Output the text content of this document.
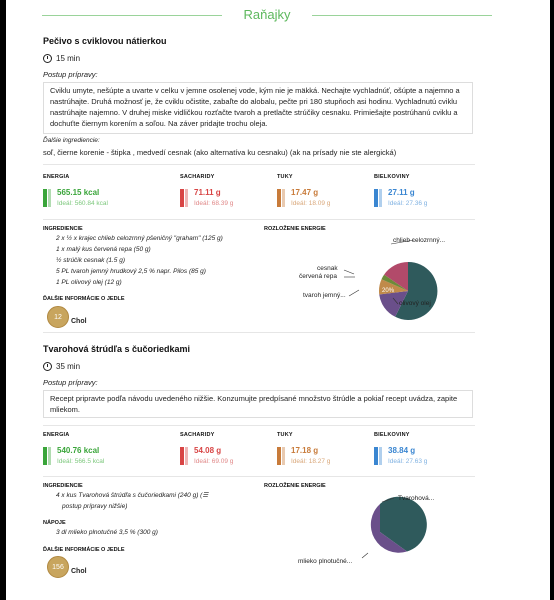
Raňajky
Pečivo s cviklovou nátierkou
15 min
Postup prípravy:
Cviklu umyte, nešúpte a uvarte v celku v jemne osolenej vode, kým nie je mäkká. Nechajte vychladnúť, ošúpte a najemno a nastrúhajte. Druhá možnosť je, že cviklu očistite, zabaľte do alobalu, pečte pri 180 stupňoch asi hodinu. Vychladnutú cviklu nastrúhajte najemno. V druhej miske vidličkou rozťačte tvaroh a pretlačte strúčiky cesnaku. Primiešajte postrúhanú cviklu a dochuťte čiernym korením a soľou. Na záver pridajte trochu oleja.
Ďalšie ingrediencie:
soľ, čierne korenie - štipka , medvedí cesnak (ako alternatíva ku cesnaku) (ak na prísady nie ste alergická)
ENERGIA
565.15 kcal
Ideál: 560.84 kcal
SACHARIDY
71.11 g
Ideál: 68.39 g
TUKY
17.47 g
Ideál: 18.09 g
BIELKOVINY
27.11 g
Ideál: 27.36 g
INGREDIENCIE
2 x ½ x krajec chlieb celozrnný pšeničný "graham" (125 g)
1 x malý kus červená repa (50 g)
½ strúčik cesnak (1.5 g)
5 PL tvaroh jemný hrudkový 2,5 % napr. Pilos (85 g)
1 PL olivový olej (12 g)
ROZLOŽENIE ENERGIE
59%
20%
17%
chlieb celozrnný...
olivový olej
tvaroh jemný...
cesnak
červená repa
ĎALŠIE INFORMÁCIE O JEDLE
12
Chol
Tvarohová štrúdľa s čučoriedkami
35 min
Postup prípravy:
Recept pripravte podľa návodu uvedeného nižšie. Konzumujte predpísané množstvo štrúdle a pokiaľ recept uvádza, zapite mliekom.
ENERGIA
540.76 kcal
Ideál: 566.5 kcal
SACHARIDY
54.08 g
Ideál: 69.09 g
TUKY
17.18 g
Ideál: 18.27 g
BIELKOVINY
38.84 g
Ideál: 27.63 g
INGREDIENCIE
4 x kus Tvarohová štrúdľa s čučoriedkami (240 g) (☰
postup prípravy nižšie)
NÁPOJE
3 dl mlieko plnotučné 3,5 % (300 g)
ROZLOŽENIE ENERGIE
64%
36%
Tvarohová...
mlieko plnotučné...
ĎALŠIE INFORMÁCIE O JEDLE
156
Chol
